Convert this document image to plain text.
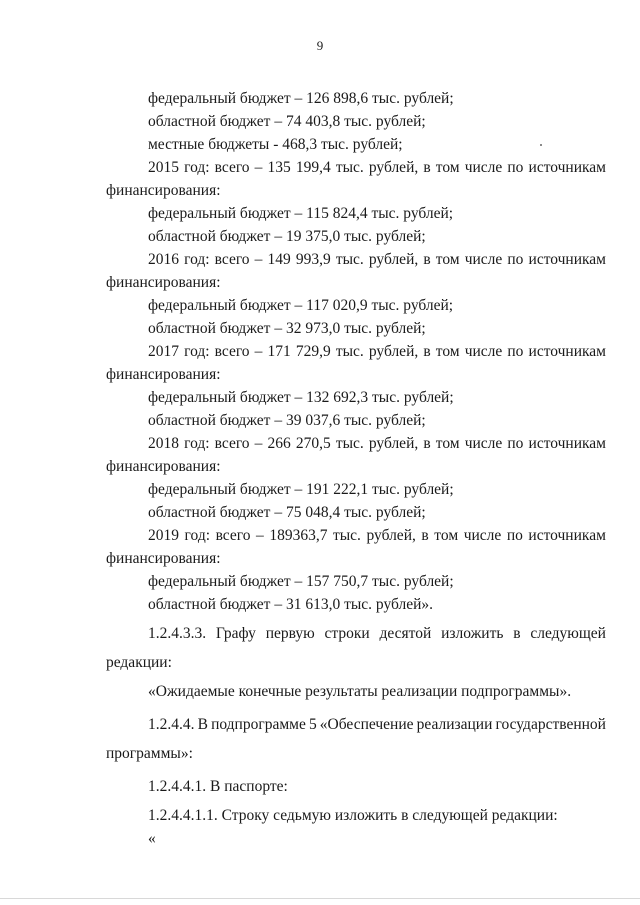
9
федеральный бюджет – 126 898,6 тыс. рублей;
областной бюджет – 74 403,8 тыс. рублей;
местные бюджеты - 468,3 тыс. рублей;
2015 год: всего – 135 199,4 тыс. рублей, в том числе по источникам
финансирования:
федеральный бюджет – 115 824,4 тыс. рублей;
областной бюджет – 19 375,0 тыс. рублей;
2016 год: всего – 149 993,9 тыс. рублей, в том числе по источникам
финансирования:
федеральный бюджет – 117 020,9 тыс. рублей;
областной бюджет – 32 973,0 тыс. рублей;
2017 год: всего – 171 729,9 тыс. рублей, в том числе по источникам
финансирования:
федеральный бюджет – 132 692,3 тыс. рублей;
областной бюджет – 39 037,6 тыс. рублей;
2018 год: всего – 266 270,5 тыс. рублей, в том числе по источникам
финансирования:
федеральный бюджет – 191 222,1 тыс. рублей;
областной бюджет – 75 048,4 тыс. рублей;
2019 год: всего – 189363,7 тыс. рублей, в том числе по источникам
финансирования:
федеральный бюджет – 157 750,7 тыс. рублей;
областной бюджет – 31 613,0 тыс. рублей».
1.2.4.3.3. Графу первую строки десятой изложить в следующей
редакции:
«Ожидаемые конечные результаты реализации подпрограммы».
1.2.4.4. В подпрограмме 5 «Обеспечение реализации государственной
программы»:
1.2.4.4.1. В паспорте:
1.2.4.4.1.1. Строку седьмую изложить в следующей редакции:
«
